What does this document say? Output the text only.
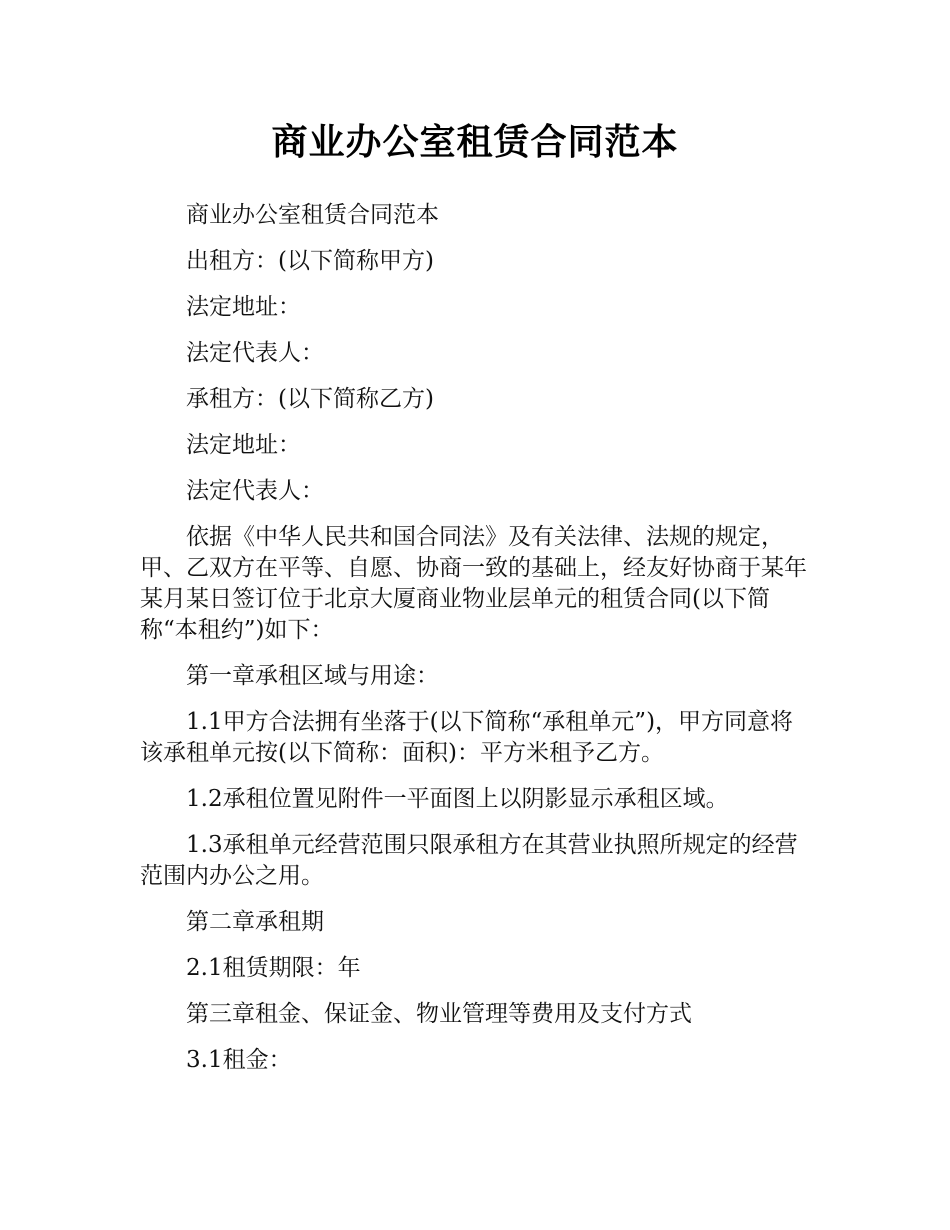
商业办公室租赁合同范本

商业办公室租赁合同范本

出租方：(以下简称甲方)

法定地址：

法定代表人：

承租方：(以下简称乙方)

法定地址：

法定代表人：

依据《中华人民共和国合同法》及有关法律、法规的规定，甲、乙双方在平等、自愿、协商一致的基础上，经友好协商于某年某月某日签订位于北京大厦商业物业层单元的租赁合同(以下简称“本租约”)如下：

第一章承租区域与用途：

1.1甲方合法拥有坐落于(以下简称“承租单元”)，甲方同意将该承租单元按(以下简称：面积)：平方米租予乙方。

1.2承租位置见附件一平面图上以阴影显示承租区域。

1.3承租单元经营范围只限承租方在其营业执照所规定的经营范围内办公之用。

第二章承租期

2.1租赁期限：年

第三章租金、保证金、物业管理等费用及支付方式

3.1租金：
